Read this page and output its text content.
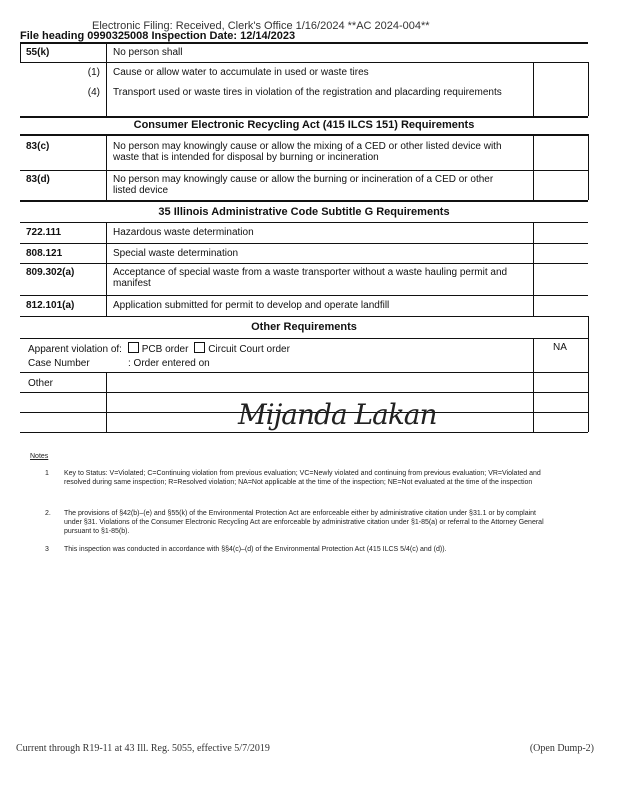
Electronic Filing: Received, Clerk's Office 1/16/2024 **AC 2024-004**
File heading 0990325008 Inspection Date: 12/14/2023
55(k)	No person shall
(1) Cause or allow water to accumulate in used or waste tires
(4) Transport used or waste tires in violation of the registration and placarding requirements
Consumer Electronic Recycling Act (415 ILCS 151) Requirements
83(c)	No person may knowingly cause or allow the mixing of a CED or other listed device with waste that is intended for disposal by burning or incineration
83(d)	No person may knowingly cause or allow the burning or incineration of a CED or other listed device
35 Illinois Administrative Code Subtitle G Requirements
722.111	Hazardous waste determination
808.121	Special waste determination
809.302(a)	Acceptance of special waste from a waste transporter without a waste hauling permit and manifest
812.101(a)	Application submitted for permit to develop and operate landfill
Other Requirements
Apparent violation of: PCB order Circuit Court order	NA
Case Number	: Order entered on
Other
Mijanda Lakan
Notes
1 Key to Status: V=Violated; C=Continuing violation from previous evaluation; VC=Newly violated and continuing from previous evaluation; VR=Violated and resolved during same inspection; R=Resolved violation; NA=Not applicable at the time of the inspection; NE=Not evaluated at the time of the inspection
2. The provisions of §42(b)–(e) and §55(k) of the Environmental Protection Act are enforceable either by administrative citation under §31.1 or by complaint under §31. Violations of the Consumer Electronic Recycling Act are enforceable by administrative citation under §1-85(a) or referral to the Attorney General pursuant to §1-85(b).
3 This inspection was conducted in accordance with §§4(c)–(d) of the Environmental Protection Act (415 ILCS 5/4(c) and (d)).
Current through R19-11 at 43 Ill. Reg. 5055, effective 5/7/2019	(Open Dump-2)
